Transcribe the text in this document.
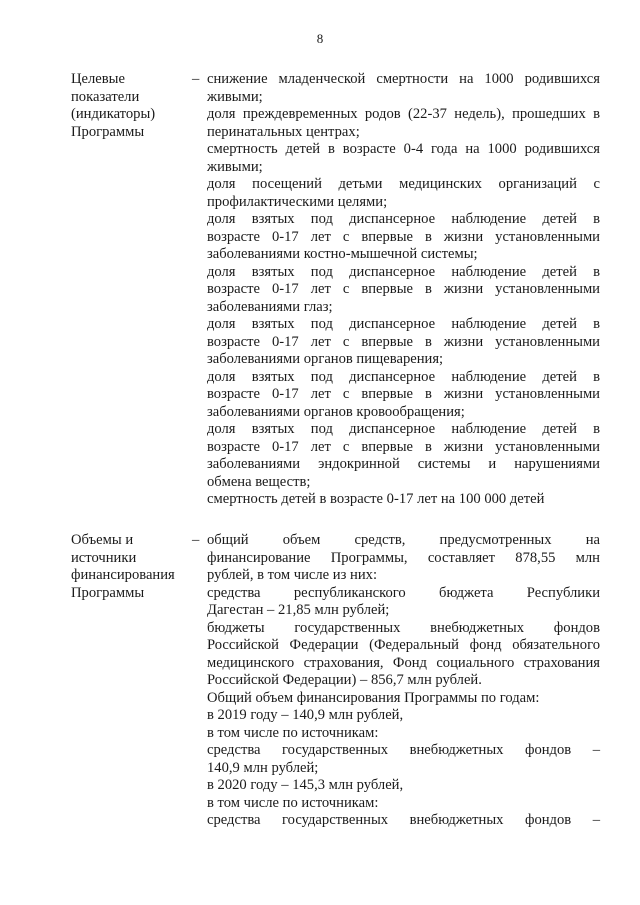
8
Целевые
показатели
(индикаторы)
Программы
– снижение младенческой смертности на 1000 родившихся
живыми;
доля преждевременных родов (22-37 недель), прошедших в
перинатальных центрах;
смертность детей в возрасте 0-4 года на 1000 родившихся
живыми;
доля посещений детьми медицинских организаций с
профилактическими целями;
доля взятых под диспансерное наблюдение детей в
возрасте 0-17 лет с впервые в жизни установленными
заболеваниями костно-мышечной системы;
доля взятых под диспансерное наблюдение детей в
возрасте 0-17 лет с впервые в жизни установленными
заболеваниями глаз;
доля взятых под диспансерное наблюдение детей в
возрасте 0-17 лет с впервые в жизни установленными
заболеваниями органов пищеварения;
доля взятых под диспансерное наблюдение детей в
возрасте 0-17 лет с впервые в жизни установленными
заболеваниями органов кровообращения;
доля взятых под диспансерное наблюдение детей в
возрасте 0-17 лет с впервые в жизни установленными
заболеваниями эндокринной системы и нарушениями
обмена веществ;
смертность детей в возрасте 0-17 лет на 100 000 детей
Объемы и
источники
финансирования
Программы
– общий объем средств, предусмотренных на
финансирование Программы, составляет 878,55 млн
рублей, в том числе из них:
средства республиканского бюджета Республики
Дагестан – 21,85 млн рублей;
бюджеты государственных внебюджетных фондов
Российской Федерации (Федеральный фонд обязательного
медицинского страхования, Фонд социального страхования
Российской Федерации) – 856,7 млн рублей.
Общий объем финансирования Программы по годам:
в 2019 году – 140,9 млн рублей,
в том числе по источникам:
средства государственных внебюджетных фондов –
140,9 млн рублей;
в 2020 году – 145,3 млн рублей,
в том числе по источникам:
средства государственных внебюджетных фондов –
